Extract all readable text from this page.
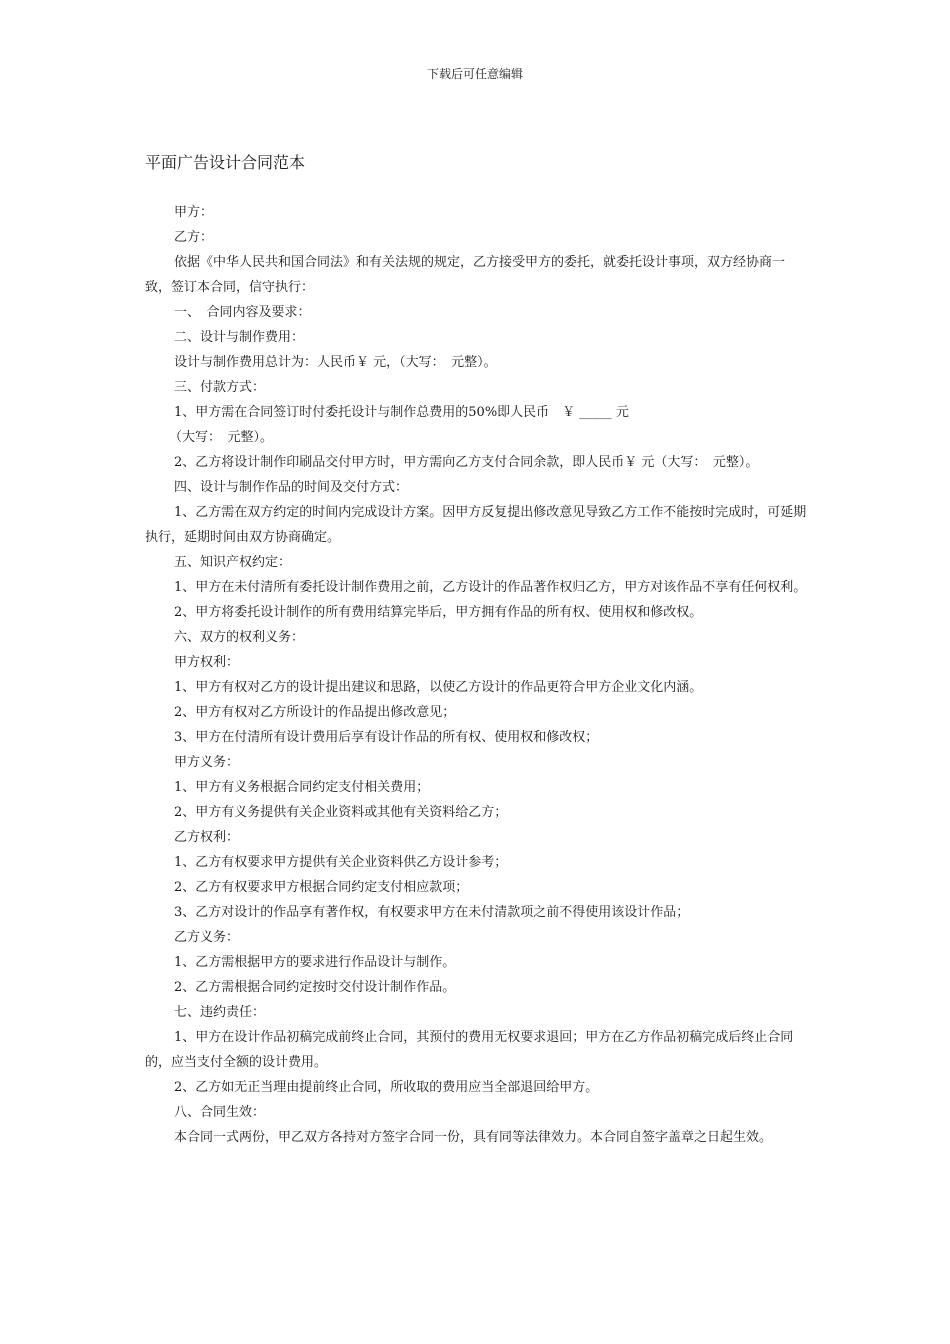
下载后可任意编辑
平面广告设计合同范本

甲方：

乙方：

依据《中华人民共和国合同法》和有关法规的规定，乙方接受甲方的委托，就委托设计事项，双方经协商一致，签订本合同，信守执行：

一、　合同内容及要求：

二、设计与制作费用：

设计与制作费用总计为：人民币￥ 元，（大写：　元整）。

三、付款方式：

1、甲方需在合同签订时付委托设计与制作总费用的50%即人民币　￥ _____ 元

（大写：　元整）。

2、乙方将设计制作印刷品交付甲方时，甲方需向乙方支付合同余款，即人民币￥ 元（大写：　元整）。

四、设计与制作作品的时间及交付方式：

1、乙方需在双方约定的时间内完成设计方案。因甲方反复提出修改意见导致乙方工作不能按时完成时，可延期执行，延期时间由双方协商确定。

五、知识产权约定：

1、甲方在未付清所有委托设计制作费用之前，乙方设计的作品著作权归乙方，甲方对该作品不享有任何权利。

2、甲方将委托设计制作的所有费用结算完毕后，甲方拥有作品的所有权、使用权和修改权。

六、双方的权利义务：

甲方权利：

1、甲方有权对乙方的设计提出建议和思路，以使乙方设计的作品更符合甲方企业文化内涵。

2、甲方有权对乙方所设计的作品提出修改意见；

3、甲方在付清所有设计费用后享有设计作品的所有权、使用权和修改权；

甲方义务：

1、甲方有义务根据合同约定支付相关费用；

2、甲方有义务提供有关企业资料或其他有关资料给乙方；

乙方权利：

1、乙方有权要求甲方提供有关企业资料供乙方设计参考；

2、乙方有权要求甲方根据合同约定支付相应款项；

3、乙方对设计的作品享有著作权，有权要求甲方在未付清款项之前不得使用该设计作品；

乙方义务：

1、乙方需根据甲方的要求进行作品设计与制作。

2、乙方需根据合同约定按时交付设计制作作品。

七、违约责任：

1、甲方在设计作品初稿完成前终止合同，其预付的费用无权要求退回；甲方在乙方作品初稿完成后终止合同的，应当支付全额的设计费用。

2、乙方如无正当理由提前终止合同，所收取的费用应当全部退回给甲方。

八、合同生效：

本合同一式两份，甲乙双方各持对方签字合同一份，具有同等法律效力。本合同自签字盖章之日起生效。
